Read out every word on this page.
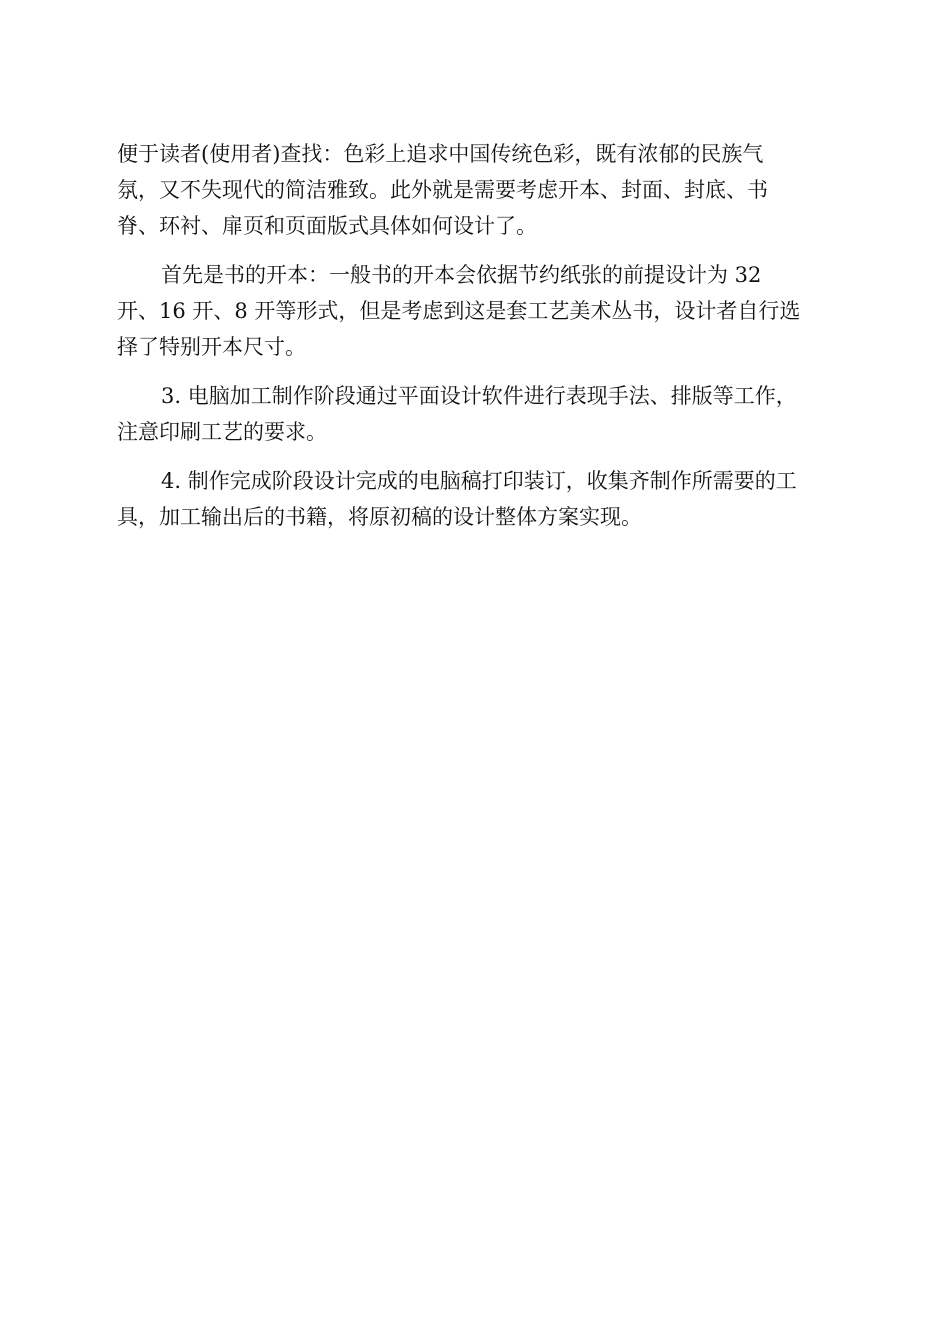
便于读者(使用者)查找：色彩上追求中国传统色彩，既有浓郁的民族气
氛，又不失现代的简洁雅致。此外就是需要考虑开本、封面、封底、书
脊、环衬、扉页和页面版式具体如何设计了。
首先是书的开本：一般书的开本会依据节约纸张的前提设计为 32
开、16 开、8 开等形式，但是考虑到这是套工艺美术丛书，设计者自行选
择了特别开本尺寸。
3. 电脑加工制作阶段通过平面设计软件进行表现手法、排版等工作，
注意印刷工艺的要求。
4. 制作完成阶段设计完成的电脑稿打印装订，收集齐制作所需要的工
具，加工输出后的书籍，将原初稿的设计整体方案实现。
